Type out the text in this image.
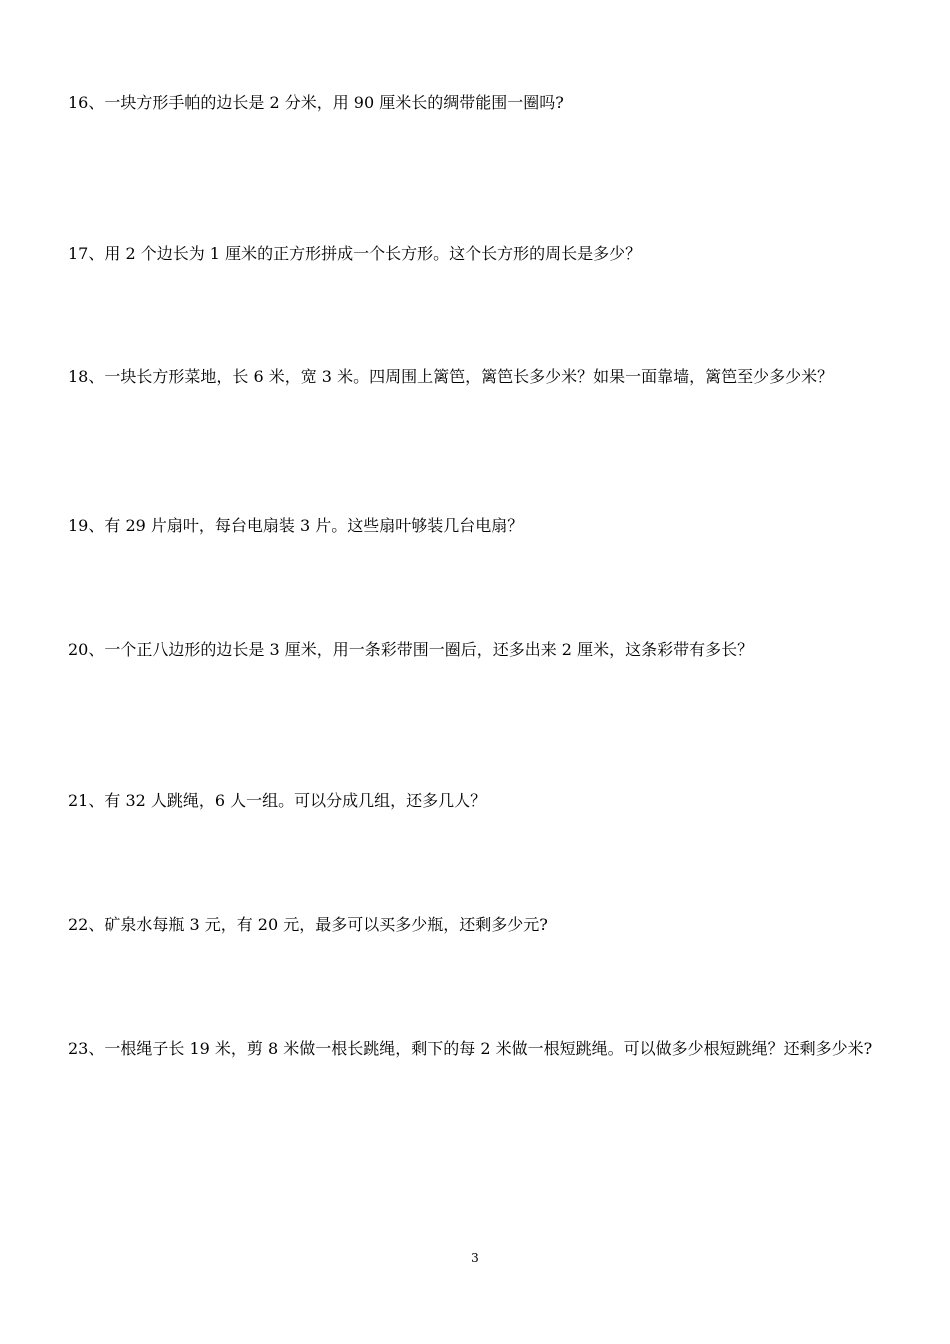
16、一块方形手帕的边长是 2 分米，用 90 厘米长的绸带能围一圈吗?

17、用 2 个边长为 1 厘米的正方形拼成一个长方形。这个长方形的周长是多少？

18、一块长方形菜地，长 6 米，宽 3 米。四周围上篱笆，篱笆长多少米？如果一面靠墙，篱笆至少多少米？

19、有 29 片扇叶，每台电扇装 3 片。这些扇叶够装几台电扇？

20、一个正八边形的边长是 3 厘米，用一条彩带围一圈后，还多出来 2 厘米，这条彩带有多长？

21、有 32 人跳绳，6 人一组。可以分成几组，还多几人？

22、矿泉水每瓶 3 元，有 20 元，最多可以买多少瓶，还剩多少元?

23、一根绳子长 19 米，剪 8 米做一根长跳绳，剩下的每 2 米做一根短跳绳。可以做多少根短跳绳？还剩多少米?

3
